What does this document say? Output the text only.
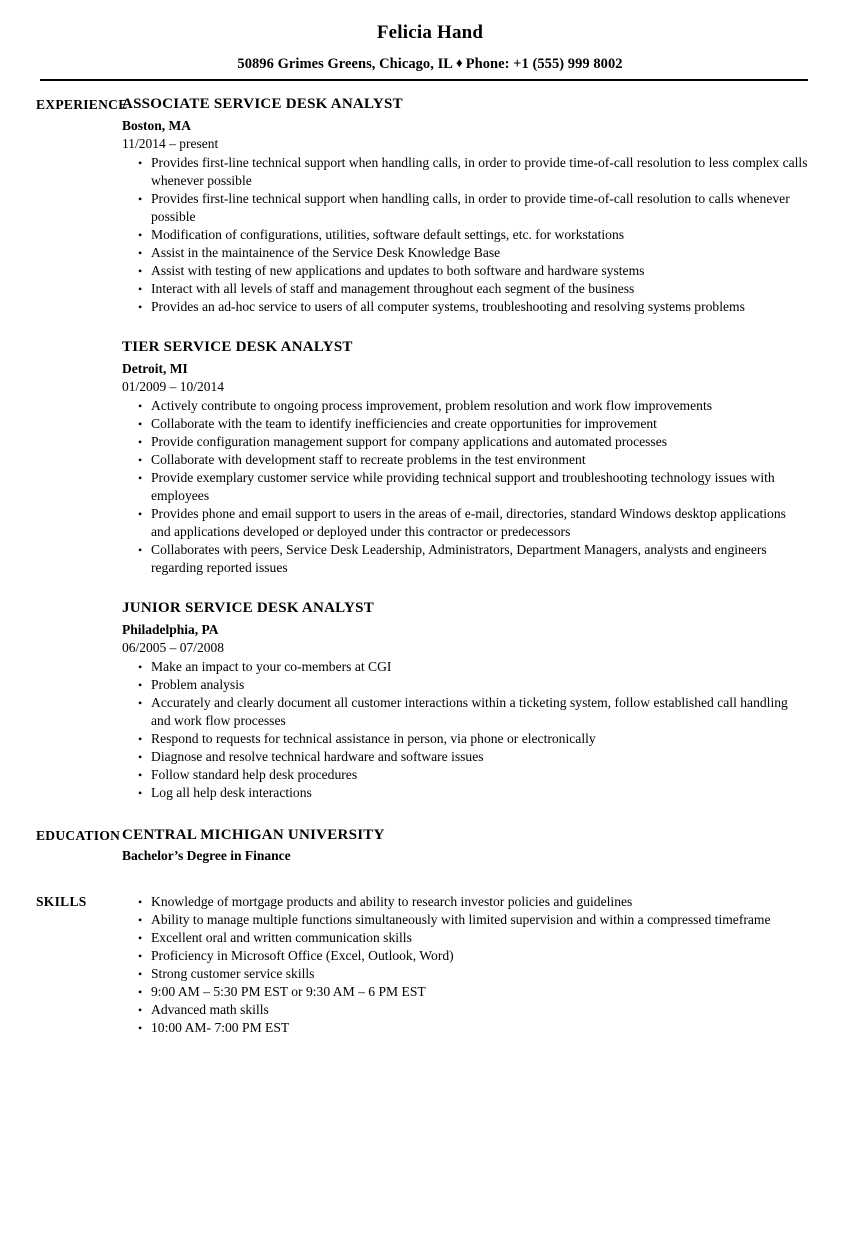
Felicia Hand
50896 Grimes Greens, Chicago, IL ♦ Phone: +1 (555) 999 8002
EXPERIENCE
ASSOCIATE SERVICE DESK ANALYST
Boston, MA
11/2014 – present
• Provides first-line technical support when handling calls, in order to provide time-of-call resolution to less complex calls whenever possible
• Provides first-line technical support when handling calls, in order to provide time-of-call resolution to calls whenever possible
• Modification of configurations, utilities, software default settings, etc. for workstations
• Assist in the maintainence of the Service Desk Knowledge Base
• Assist with testing of new applications and updates to both software and hardware systems
• Interact with all levels of staff and management throughout each segment of the business
• Provides an ad-hoc service to users of all computer systems, troubleshooting and resolving systems problems
TIER SERVICE DESK ANALYST
Detroit, MI
01/2009 – 10/2014
• Actively contribute to ongoing process improvement, problem resolution and work flow improvements
• Collaborate with the team to identify inefficiencies and create opportunities for improvement
• Provide configuration management support for company applications and automated processes
• Collaborate with development staff to recreate problems in the test environment
• Provide exemplary customer service while providing technical support and troubleshooting technology issues with employees
• Provides phone and email support to users in the areas of e-mail, directories, standard Windows desktop applications and applications developed or deployed under this contractor or predecessors
• Collaborates with peers, Service Desk Leadership, Administrators, Department Managers, analysts and engineers regarding reported issues
JUNIOR SERVICE DESK ANALYST
Philadelphia, PA
06/2005 – 07/2008
• Make an impact to your co-members at CGI
• Problem analysis
• Accurately and clearly document all customer interactions within a ticketing system, follow established call handling and work flow processes
• Respond to requests for technical assistance in person, via phone or electronically
• Diagnose and resolve technical hardware and software issues
• Follow standard help desk procedures
• Log all help desk interactions
EDUCATION CENTRAL MICHIGAN UNIVERSITY
Bachelor’s Degree in Finance
SKILLS	• Knowledge of mortgage products and ability to research investor policies and guidelines
• Ability to manage multiple functions simultaneously with limited supervision and within a compressed timeframe
• Excellent oral and written communication skills
• Proficiency in Microsoft Office (Excel, Outlook, Word)
• Strong customer service skills
• 9:00 AM – 5:30 PM EST or 9:30 AM – 6 PM EST
• Advanced math skills
• 10:00 AM- 7:00 PM EST
